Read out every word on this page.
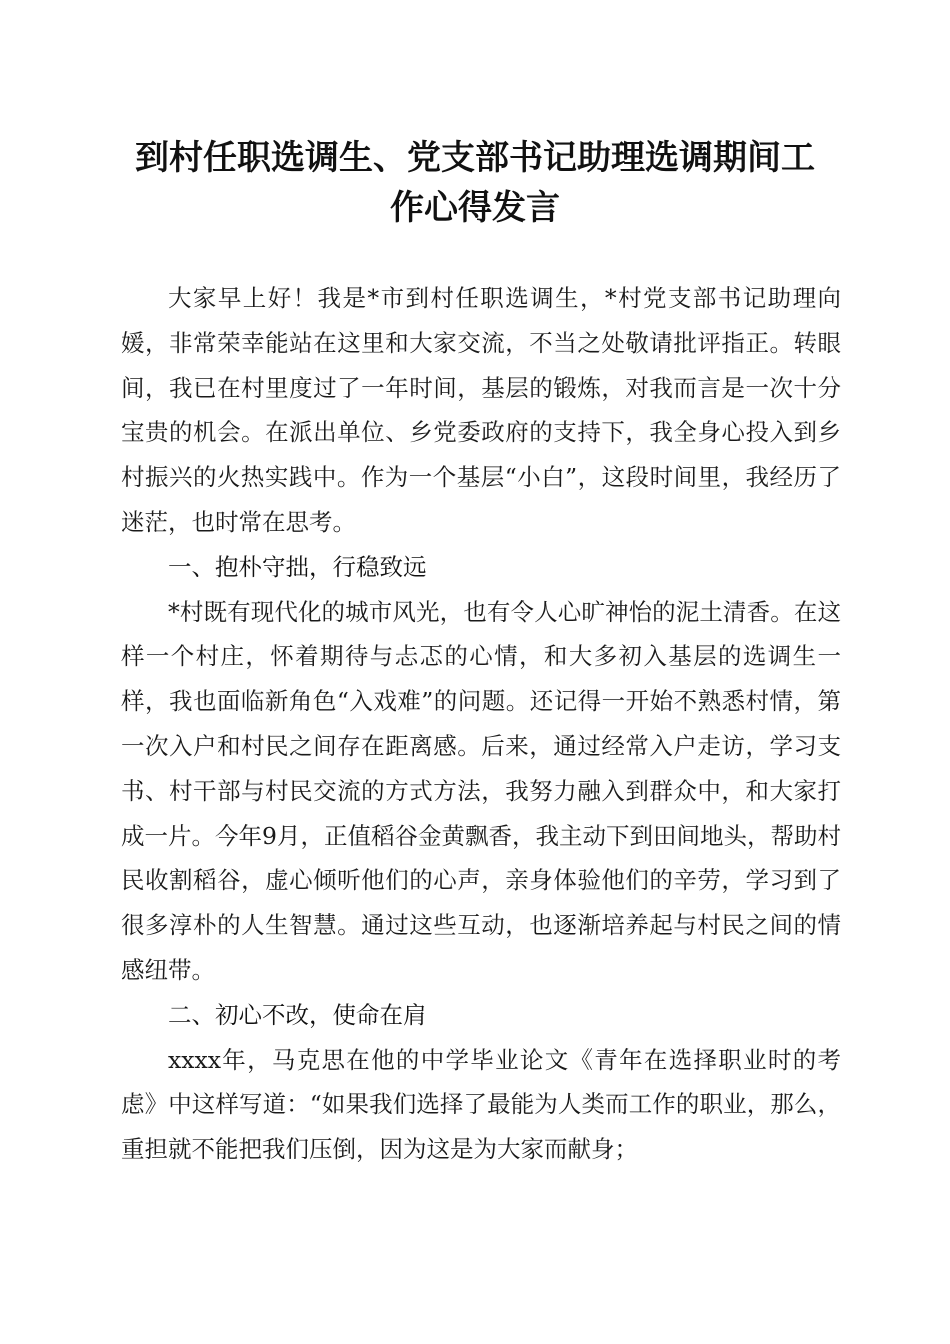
到村任职选调生、党支部书记助理选调期间工
作心得发言

大家早上好！我是*市到村任职选调生，*村党支部书记助理向媛，非常荣幸能站在这里和大家交流，不当之处敬请批评指正。转眼间，我已在村里度过了一年时间，基层的锻炼，对我而言是一次十分宝贵的机会。在派出单位、乡党委政府的支持下，我全身心投入到乡村振兴的火热实践中。作为一个基层“小白”，这段时间里，我经历了迷茫，也时常在思考。

一、抱朴守拙，行稳致远

*村既有现代化的城市风光，也有令人心旷神怡的泥土清香。在这样一个村庄，怀着期待与忐忑的心情，和大多初入基层的选调生一样，我也面临新角色“入戏难”的问题。还记得一开始不熟悉村情，第一次入户和村民之间存在距离感。后来，通过经常入户走访，学习支书、村干部与村民交流的方式方法，我努力融入到群众中，和大家打成一片。今年9月，正值稻谷金黄飘香，我主动下到田间地头，帮助村民收割稻谷，虚心倾听他们的心声，亲身体验他们的辛劳，学习到了很多淳朴的人生智慧。通过这些互动，也逐渐培养起与村民之间的情感纽带。

二、初心不改，使命在肩

xxxx年，马克思在他的中学毕业论文《青年在选择职业时的考虑》中这样写道：“如果我们选择了最能为人类而工作的职业，那么，重担就不能把我们压倒，因为这是为大家而献身；
